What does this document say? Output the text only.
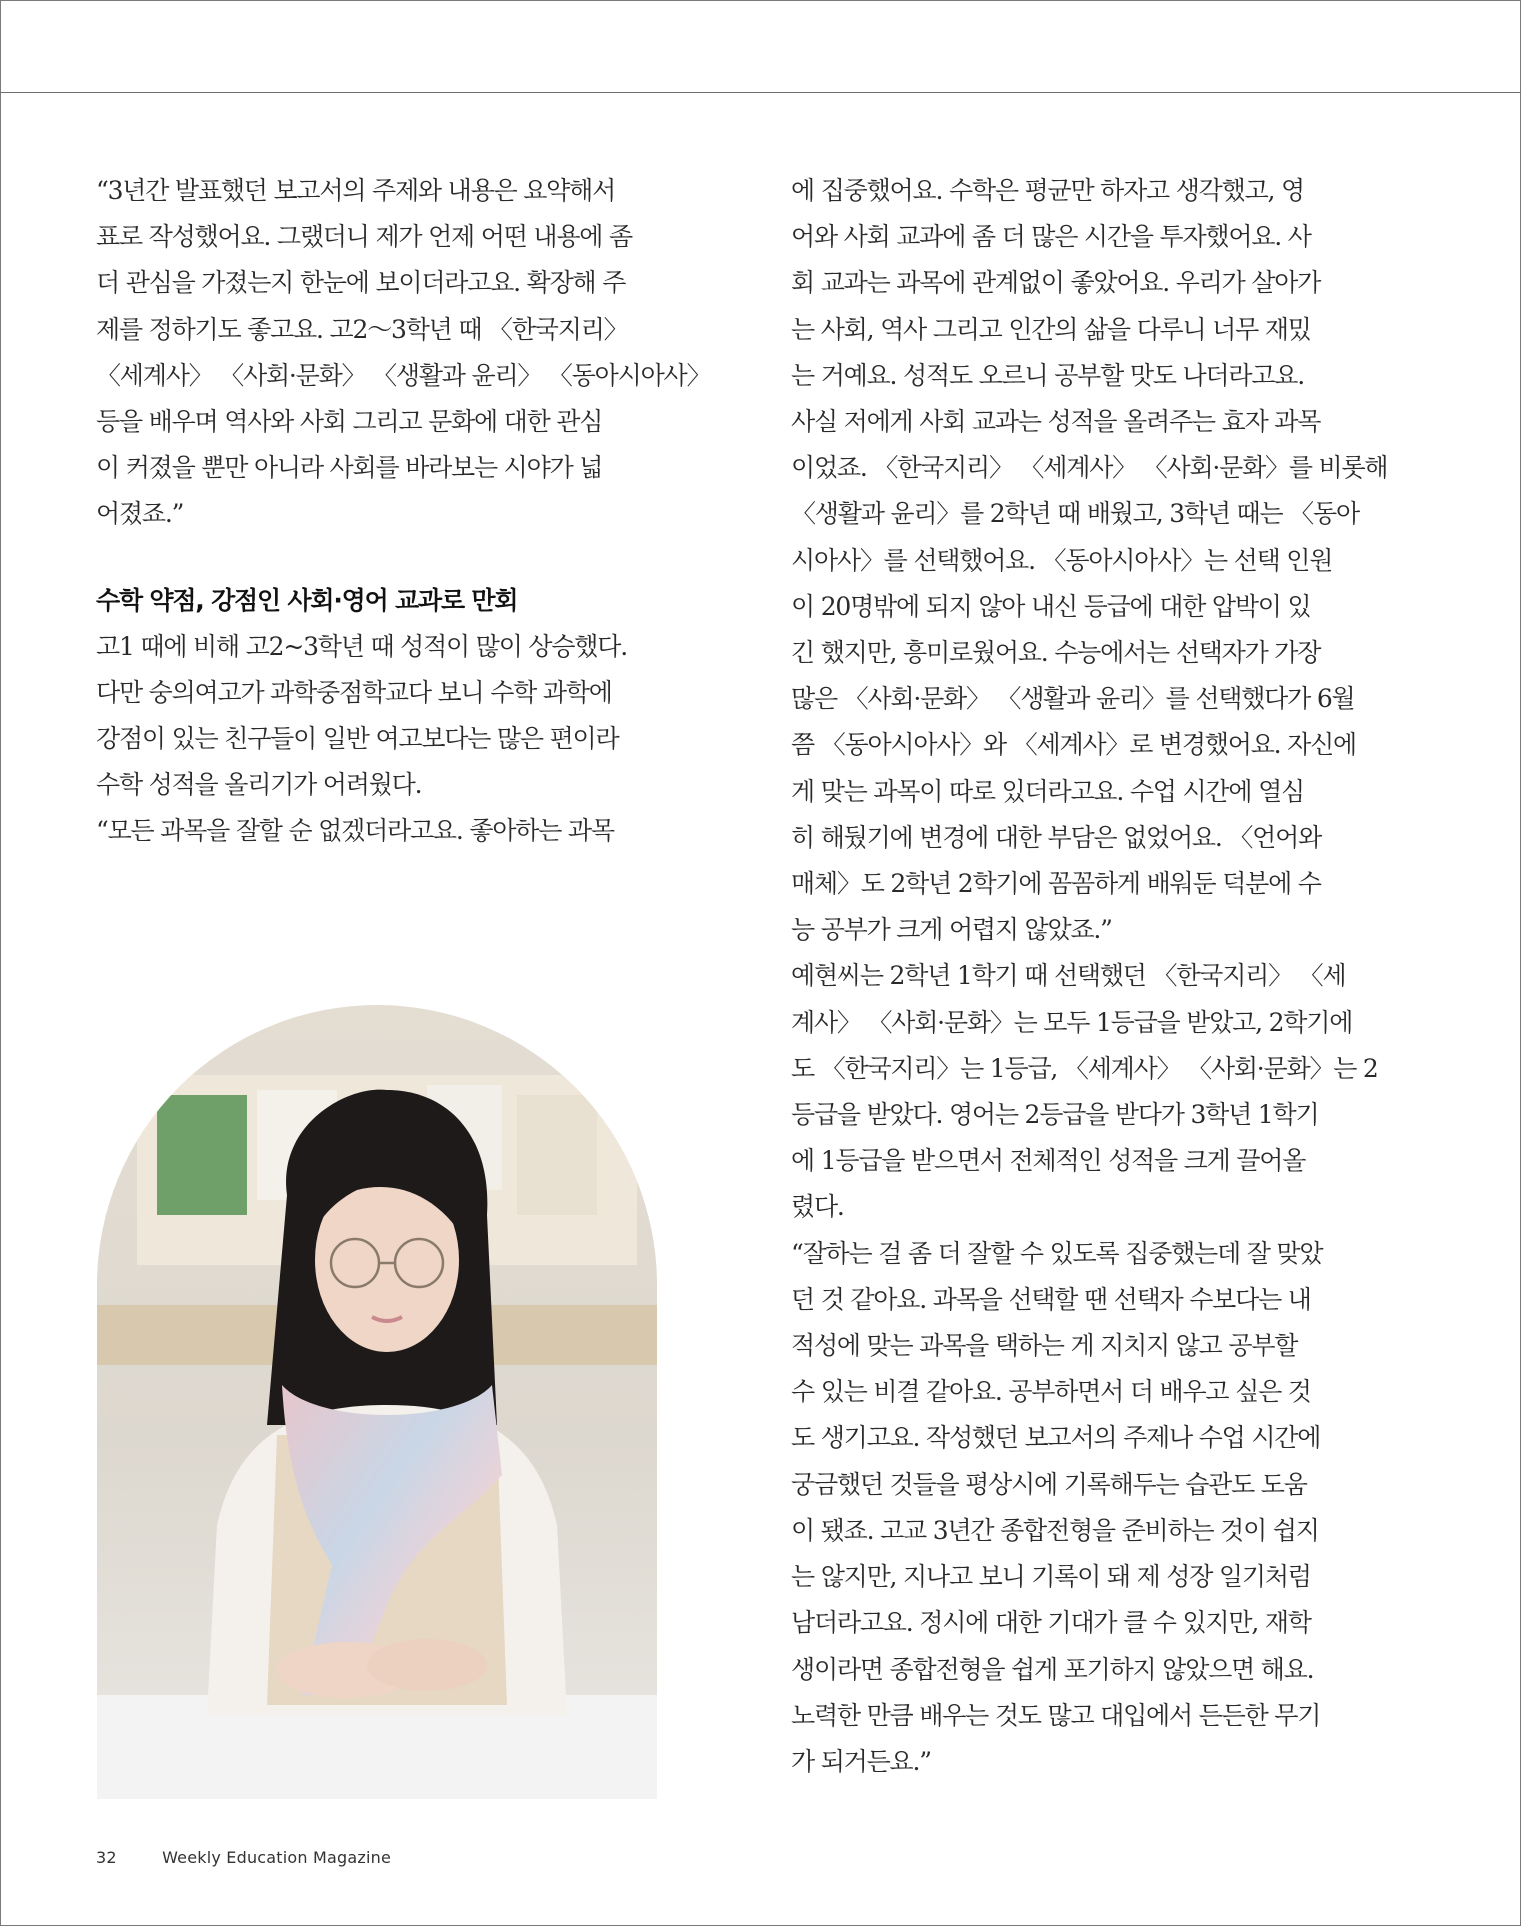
“3년간 발표했던 보고서의 주제와 내용은 요약해서

표로 작성했어요. 그랬더니 제가 언제 어떤 내용에 좀

더 관심을 가졌는지 한눈에 보이더라고요. 확장해 주

제를 정하기도 좋고요. 고2～3학년 때 〈한국지리〉

〈세계사〉 〈사회·문화〉 〈생활과 윤리〉 〈동아시아사〉

등을 배우며 역사와 사회 그리고 문화에 대한 관심

이 커졌을 뿐만 아니라 사회를 바라보는 시야가 넓

어졌죠.”

수학 약점, 강점인 사회·영어 교과로 만회

고1 때에 비해 고2~3학년 때 성적이 많이 상승했다.

다만 숭의여고가 과학중점학교다 보니 수학 과학에

강점이 있는 친구들이 일반 여고보다는 많은 편이라

수학 성적을 올리기가 어려웠다.

“모든 과목을 잘할 순 없겠더라고요. 좋아하는 과목

에 집중했어요. 수학은 평균만 하자고 생각했고, 영

어와 사회 교과에 좀 더 많은 시간을 투자했어요. 사

회 교과는 과목에 관계없이 좋았어요. 우리가 살아가

는 사회, 역사 그리고 인간의 삶을 다루니 너무 재밌

는 거예요. 성적도 오르니 공부할 맛도 나더라고요.

사실 저에게 사회 교과는 성적을 올려주는 효자 과목

이었죠. 〈한국지리〉 〈세계사〉 〈사회·문화〉를 비롯해

〈생활과 윤리〉를 2학년 때 배웠고, 3학년 때는 〈동아

시아사〉를 선택했어요. 〈동아시아사〉는 선택 인원

이 20명밖에 되지 않아 내신 등급에 대한 압박이 있

긴 했지만, 흥미로웠어요. 수능에서는 선택자가 가장

많은 〈사회·문화〉 〈생활과 윤리〉를 선택했다가 6월

쯤 〈동아시아사〉와 〈세계사〉로 변경했어요. 자신에

게 맞는 과목이 따로 있더라고요. 수업 시간에 열심

히 해뒀기에 변경에 대한 부담은 없었어요. 〈언어와

매체〉도 2학년 2학기에 꼼꼼하게 배워둔 덕분에 수

능 공부가 크게 어렵지 않았죠.”

예현씨는 2학년 1학기 때 선택했던 〈한국지리〉 〈세

계사〉 〈사회·문화〉는 모두 1등급을 받았고, 2학기에

도 〈한국지리〉는 1등급, 〈세계사〉 〈사회·문화〉는 2

등급을 받았다. 영어는 2등급을 받다가 3학년 1학기

에 1등급을 받으면서 전체적인 성적을 크게 끌어올

렸다.

“잘하는 걸 좀 더 잘할 수 있도록 집중했는데 잘 맞았

던 것 같아요. 과목을 선택할 땐 선택자 수보다는 내

적성에 맞는 과목을 택하는 게 지치지 않고 공부할

수 있는 비결 같아요. 공부하면서 더 배우고 싶은 것

도 생기고요. 작성했던 보고서의 주제나 수업 시간에

궁금했던 것들을 평상시에 기록해두는 습관도 도움

이 됐죠. 고교 3년간 종합전형을 준비하는 것이 쉽지

는 않지만, 지나고 보니 기록이 돼 제 성장 일기처럼

남더라고요. 정시에 대한 기대가 클 수 있지만, 재학

생이라면 종합전형을 쉽게 포기하지 않았으면 해요.

노력한 만큼 배우는 것도 많고 대입에서 든든한 무기

가 되거든요.”

32	Weekly Education Magazine
